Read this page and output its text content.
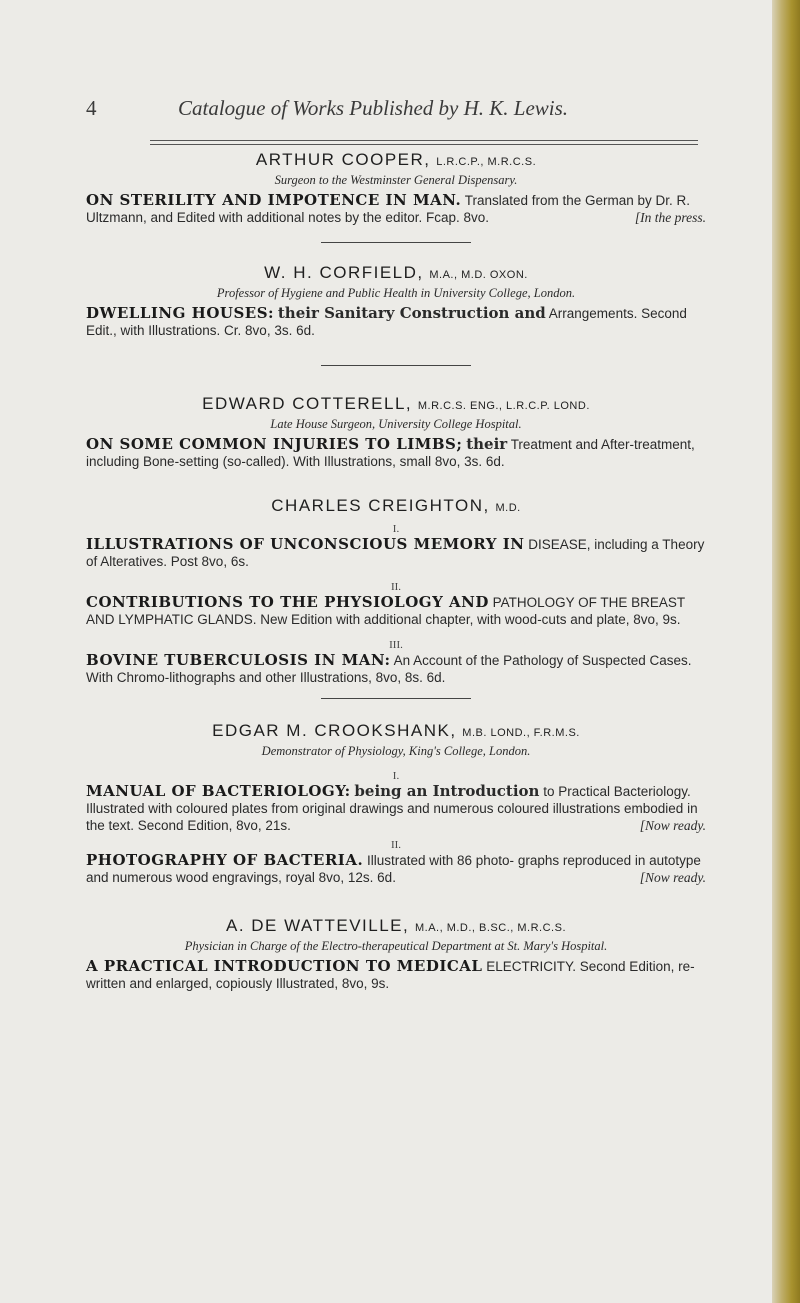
4	Catalogue of Works Published by H. K. Lewis.

ARTHUR COOPER, L.R.C.P., M.R.C.S.

Surgeon to the Westminster General Dispensary.

ON STERILITY AND IMPOTENCE IN MAN. Translated from the German by Dr. R. Ultzmann, and Edited with additional notes by the editor. Fcap. 8vo.	[In the press.

W. H. CORFIELD, M.A., M.D. OXON.

Professor of Hygiene and Public Health in University College, London.

DWELLING HOUSES: their Sanitary Construction and Arrangements. Second Edit., with Illustrations. Cr. 8vo, 3s. 6d.

EDWARD COTTERELL, M.R.C.S. ENG., L.R.C.P. LOND.

Late House Surgeon, University College Hospital.

ON SOME COMMON INJURIES TO LIMBS; their Treatment and After-treatment, including Bone-setting (so-called). With Illustrations, small 8vo, 3s. 6d.

CHARLES CREIGHTON, M.D.

I.

ILLUSTRATIONS OF UNCONSCIOUS MEMORY IN DISEASE, including a Theory of Alteratives. Post 8vo, 6s.

II.

CONTRIBUTIONS TO THE PHYSIOLOGY AND PATHOLOGY OF THE BREAST AND LYMPHATIC GLANDS. New Edition with additional chapter, with wood-cuts and plate, 8vo, 9s.

III.

BOVINE TUBERCULOSIS IN MAN: An Account of the Pathology of Suspected Cases. With Chromo-lithographs and other Illustrations, 8vo, 8s. 6d.

EDGAR M. CROOKSHANK, M.B. LOND., F.R.M.S.

Demonstrator of Physiology, King's College, London.

I.

MANUAL OF BACTERIOLOGY: being an Introduction to Practical Bacteriology. Illustrated with coloured plates from original drawings and numerous coloured illustrations embodied in the text. Second Edition, 8vo, 21s.	[Now ready.

II.

PHOTOGRAPHY OF BACTERIA. Illustrated with 86 photo- graphs reproduced in autotype and numerous wood engravings, royal 8vo, 12s. 6d.	[Now ready.

A. DE WATTEVILLE, M.A., M.D., B.SC., M.R.C.S.

Physician in Charge of the Electro-therapeutical Department at St. Mary's Hospital.

A PRACTICAL INTRODUCTION TO MEDICAL ELECTRICITY. Second Edition, re-written and enlarged, copiously Illustrated, 8vo, 9s.
